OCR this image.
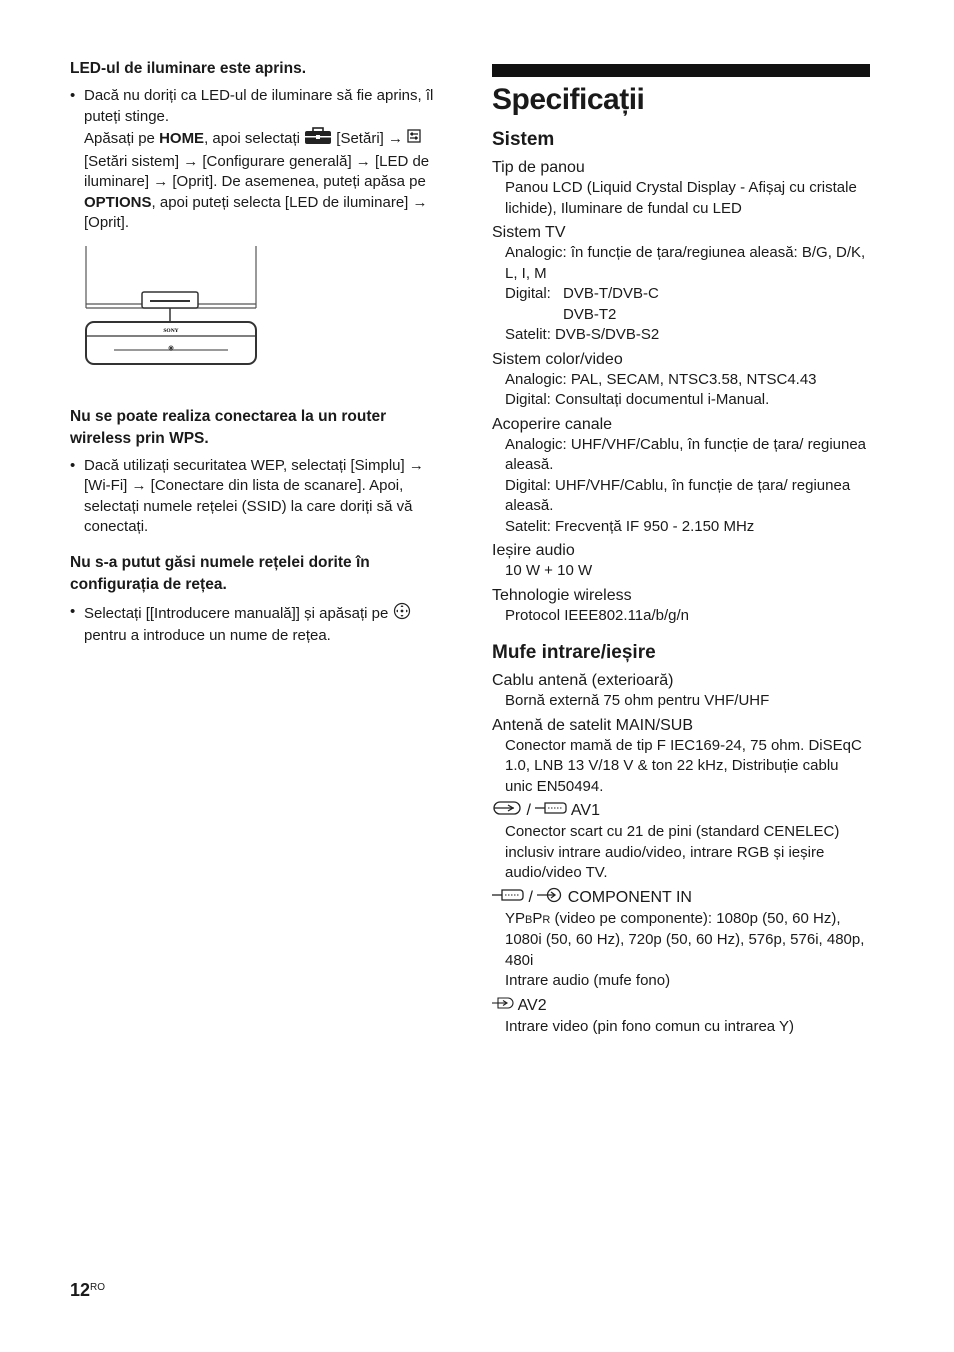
LED-ul de iluminare este aprins.
• Dacă nu doriți ca LED-ul de iluminare să fie aprins, îl puteți stinge.
Apăsați pe HOME, apoi selectați  [Setări] →  [Setări sistem] → [Configurare generală] → [LED de iluminare] → [Oprit]. De asemenea, puteți apăsa pe OPTIONS, apoi puteți selecta [LED de iluminare] → [Oprit].
SONY
Nu se poate realiza conectarea la un router wireless prin WPS.
• Dacă utilizați securitatea WEP, selectați [Simplu] → [Wi-Fi] → [Conectare din lista de scanare]. Apoi, selectați numele rețelei (SSID) la care doriți să vă conectați.
Nu s-a putut găsi numele rețelei dorite în configurația de rețea.
• Selectați [[Introducere manuală]] și apăsați pe  pentru a introduce un nume de rețea.
Specificații
Sistem
Tip de panou
Panou LCD (Liquid Crystal Display - Afișaj cu cristale lichide), Iluminare de fundal cu LED
Sistem TV
Analogic: în funcție de țara/regiunea aleasă: B/G, D/K, L, I, M
Digital: DVB-T/DVB-C
DVB-T2
Satelit: DVB-S/DVB-S2
Sistem color/video
Analogic: PAL, SECAM, NTSC3.58, NTSC4.43
Digital: Consultați documentul i-Manual.
Acoperire canale
Analogic: UHF/VHF/Cablu, în funcție de țara/ regiunea aleasă.
Digital: UHF/VHF/Cablu, în funcție de țara/ regiunea aleasă.
Satelit: Frecvență IF 950 - 2.150 MHz
Ieșire audio
10 W + 10 W
Tehnologie wireless
Protocol IEEE802.11a/b/g/n
Mufe intrare/ieșire
Cablu antenă (exterioară)
Bornă externă 75 ohm pentru VHF/UHF
Antenă de satelit MAIN/SUB
Conector mamă de tip F IEC169-24, 75 ohm. DiSEqC 1.0, LNB 13 V/18 V & ton 22 kHz, Distribuție cablu unic EN50494.
/  AV1
Conector scart cu 21 de pini (standard CENELEC) inclusiv intrare audio/video, intrare RGB și ieșire audio/video TV.
/  COMPONENT IN
YPBPR (video pe componente): 1080p (50, 60 Hz), 1080i (50, 60 Hz), 720p (50, 60 Hz), 576p, 576i, 480p, 480i
Intrare audio (mufe fono)
AV2
Intrare video (pin fono comun cu intrarea Y)
$12^{RO}$
